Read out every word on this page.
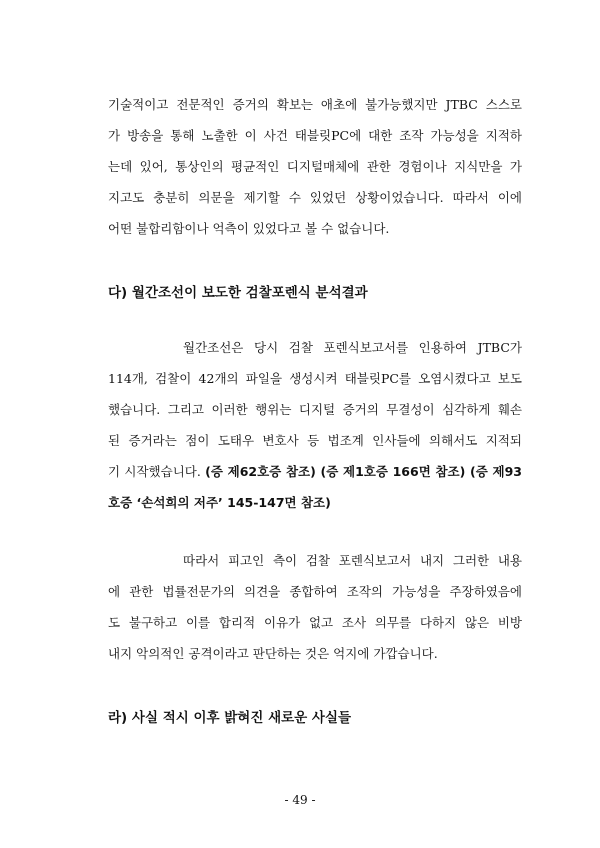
기술적이고 전문적인 증거의 확보는 애초에 불가능했지만 JTBC 스스로
가 방송을 통해 노출한 이 사건 태블릿PC에 대한 조작 가능성을 지적하
는데 있어, 통상인의 평균적인 디지털매체에 관한 경험이나 지식만을 가
지고도 충분히 의문을 제기할 수 있었던 상황이었습니다. 따라서 이에
어떤 불합리함이나 억측이 있었다고 볼 수 없습니다.
다) 월간조선이 보도한 검찰포렌식 분석결과
월간조선은 당시 검찰 포렌식보고서를 인용하여 JTBC가
114개, 검찰이 42개의 파일을 생성시켜 태블릿PC를 오염시켰다고 보도
했습니다. 그리고 이러한 행위는 디지털 증거의 무결성이 심각하게 훼손
된 증거라는 점이 도태우 변호사 등 법조계 인사들에 의해서도 지적되
기 시작했습니다. (증 제62호증 참조) (증 제1호증 166면 참조) (증 제93
호증 ‘손석희의 저주’ 145-147면 참조)
따라서 피고인 측이 검찰 포렌식보고서 내지 그러한 내용
에 관한 법률전문가의 의견을 종합하여 조작의 가능성을 주장하였음에
도 불구하고 이를 합리적 이유가 없고 조사 의무를 다하지 않은 비방
내지 악의적인 공격이라고 판단하는 것은 억지에 가깝습니다.
라) 사실 적시 이후 밝혀진 새로운 사실들
- 49 -
